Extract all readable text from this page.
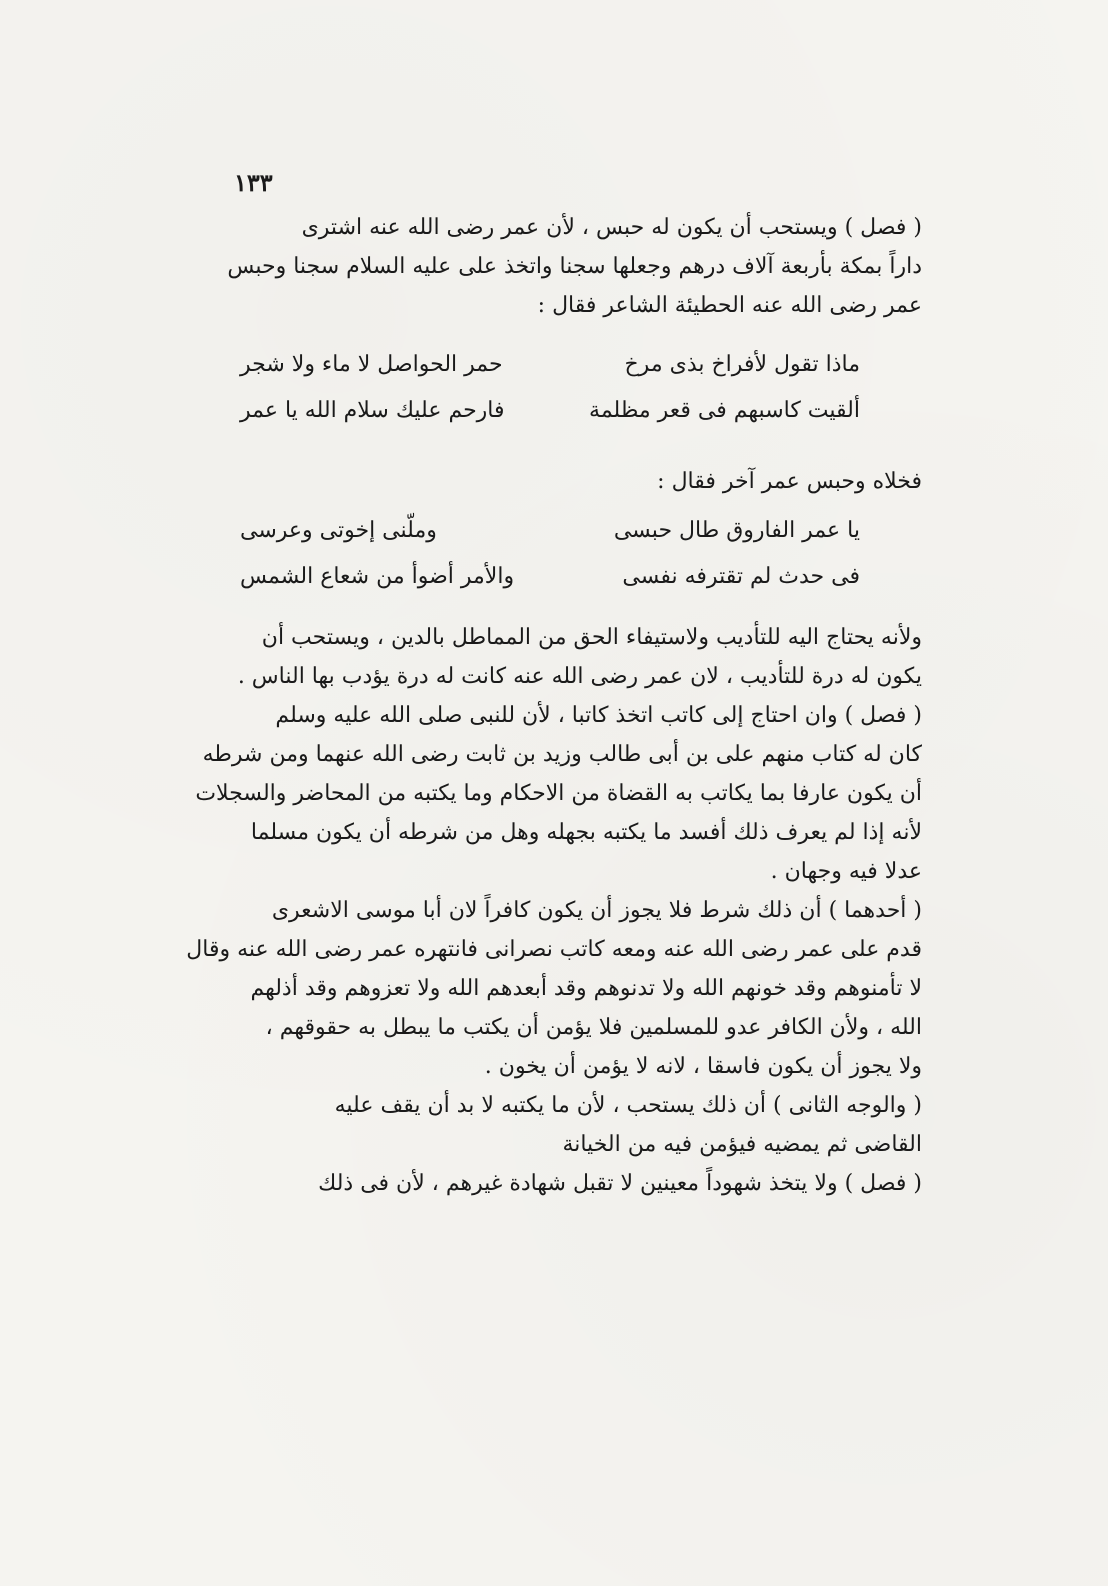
١٣٣
( فصل ) ويستحب أن يكون له حبس ، لأن عمر رضى الله عنه اشترى
داراً بمكة بأربعة آلاف درهم وجعلها سجنا واتخذ على عليه السلام سجنا وحبس
عمر رضى الله عنه الحطيئة الشاعر فقال :
ماذا تقول لأفراخ بذى مرخ
حمر الحواصل لا ماء ولا شجر
ألقيت كاسبهم فى قعر مظلمة
فارحم عليك سلام الله يا عمر
فخلاه وحبس عمر آخر فقال :
يا عمر الفاروق طال حبسى
وملّنى إخوتى وعرسى
فى حدث لم تقترفه نفسى
والأمر أضوأ من شعاع الشمس
ولأنه يحتاج اليه للتأديب ولاستيفاء الحق من المماطل بالدين ، ويستحب أن
يكون له درة للتأديب ، لان عمر رضى الله عنه كانت له درة يؤدب بها الناس .
( فصل ) وان احتاج إلى كاتب اتخذ كاتبا ، لأن للنبى صلى الله عليه وسلم
كان له كتاب منهم على بن أبى طالب وزيد بن ثابت رضى الله عنهما ومن شرطه
أن يكون عارفا بما يكاتب به القضاة من الاحكام وما يكتبه من المحاضر والسجلات
لأنه إذا لم يعرف ذلك أفسد ما يكتبه بجهله وهل من شرطه أن يكون مسلما
عدلا فيه وجهان .
( أحدهما ) أن ذلك شرط فلا يجوز أن يكون كافراً لان أبا موسى الاشعرى
قدم على عمر رضى الله عنه ومعه كاتب نصرانى فانتهره عمر رضى الله عنه وقال
لا تأمنوهم وقد خونهم الله ولا تدنوهم وقد أبعدهم الله ولا تعزوهم وقد أذلهم
الله ، ولأن الكافر عدو للمسلمين فلا يؤمن أن يكتب ما يبطل به حقوقهم ،
ولا يجوز أن يكون فاسقا ، لانه لا يؤمن أن يخون .
( والوجه الثانى ) أن ذلك يستحب ، لأن ما يكتبه لا بد أن يقف عليه
القاضى ثم يمضيه فيؤمن فيه من الخيانة
( فصل ) ولا يتخذ شهوداً معينين لا تقبل شهادة غيرهم ، لأن فى ذلك
